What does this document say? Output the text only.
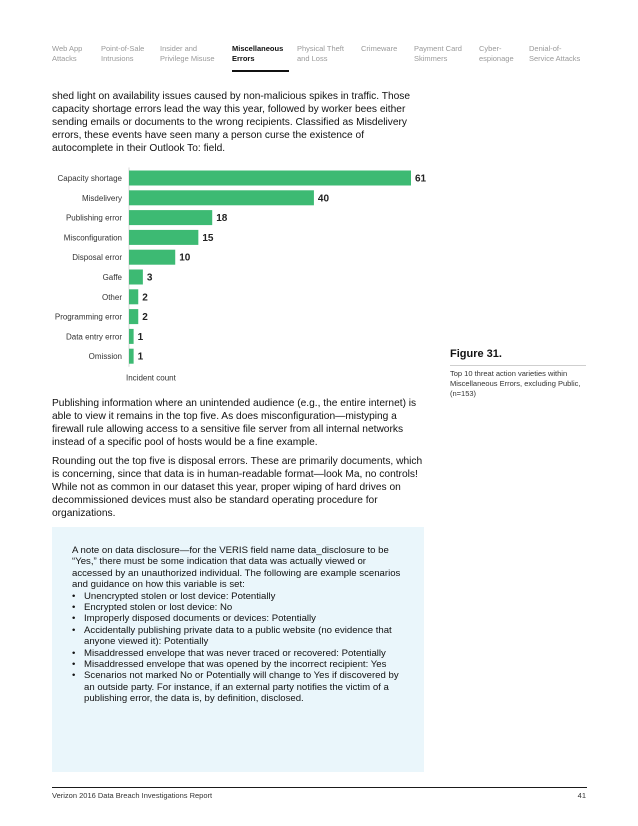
Web App
Attacks
Point-of-Sale
Intrusions
Insider and
Privilege Misuse
Miscellaneous
Errors
Physical Theft
and Loss
Crimeware Payment Card
Skimmers
Cyber-
espionage
Denial-of-
Service Attacks

shed light on availability issues caused by non-malicious spikes in traffic. Those capacity shortage errors lead the way this year, followed by worker bees either sending emails or documents to the wrong recipients. Classified as Misdelivery errors, these events have seen many a person curse the existence of autocomplete in their Outlook To: field.

Capacity shortage	61
Misdelivery	40
Publishing error	18
Misconfiguration	15
Disposal error	10
Gaffe 3
Other 2
Programming error 2
Data entry error 1
Omission 1
Incident count
Figure 31.
Top 10 threat action varieties within Miscellaneous Errors, excluding Public, (n=153)

Publishing information where an unintended audience (e.g., the entire internet) is able to view it remains in the top five. As does misconfiguration—mistyping a firewall rule allowing access to a sensitive file server from all internal networks instead of a specific pool of hosts would be a fine example.

Rounding out the top five is disposal errors. These are primarily documents, which is concerning, since that data is in human-readable format—look Ma, no controls! While not as common in our dataset this year, proper wiping of hard drives on decommissioned devices must also be standard operating procedure for organizations.

A note on data disclosure—for the VERIS field name data_disclosure to be “Yes,” there must be some indication that data was actually viewed or accessed by an unauthorized individual. The following are example scenarios and guidance on how this variable is set:

• Unencrypted stolen or lost device: Potentially
• Encrypted stolen or lost device: No
• Improperly disposed documents or devices: Potentially
• Accidentally publishing private data to a public website (no evidence that anyone viewed it): Potentially
• Misaddressed envelope that was never traced or recovered: Potentially
• Misaddressed envelope that was opened by the incorrect recipient: Yes
• Scenarios not marked No or Potentially will change to Yes if discovered by an outside party. For instance, if an external party notifies the victim of a publishing error, the data is, by definition, disclosed.
Verizon 2016 Data Breach Investigations Report	41
